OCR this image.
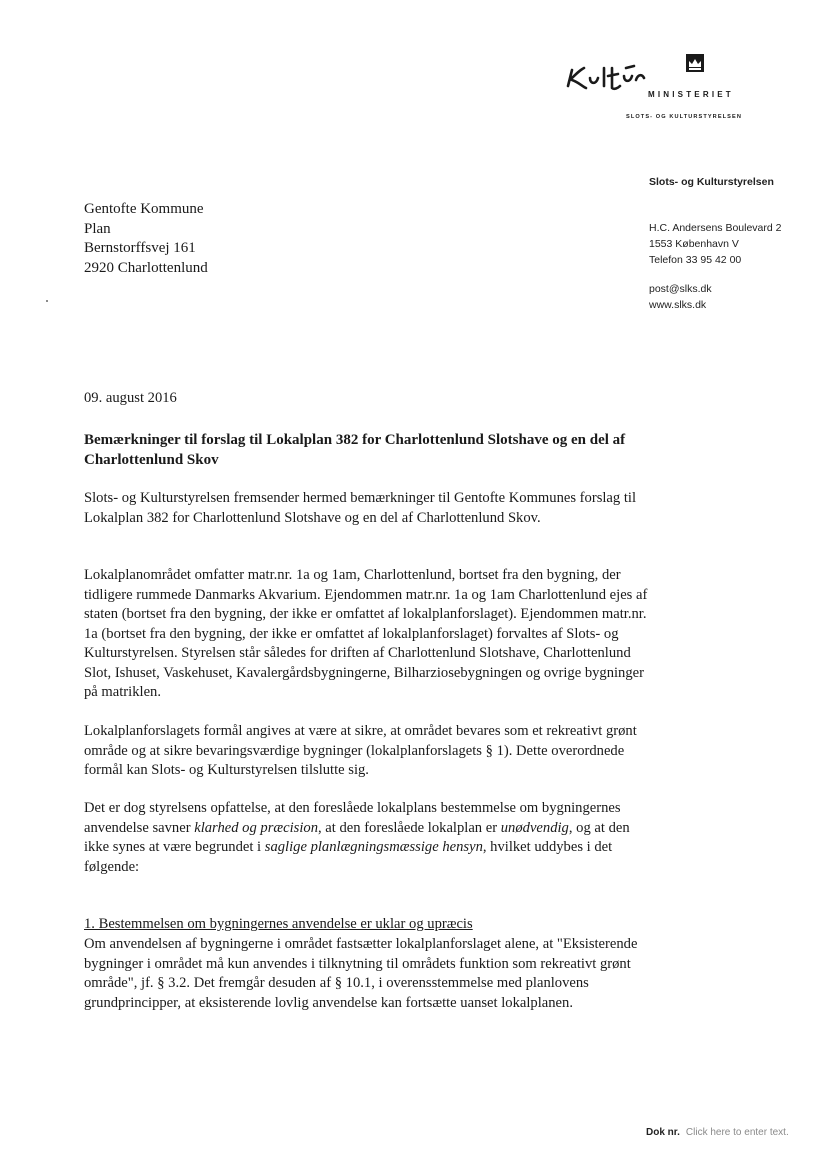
MINISTERIET
SLOTS- OG KULTURSTYRELSEN
Slots- og Kulturstyrelsen
H.C. Andersens Boulevard 2
1553 København V
Telefon 33 95 42 00
post@slks.dk
www.slks.dk
Gentofte Kommune
Plan
Bernstorffsvej 161
2920 Charlottenlund
09. august 2016
Bemærkninger til forslag til Lokalplan 382 for Charlottenlund Slotshave og en del af Charlottenlund Skov

Slots- og Kulturstyrelsen fremsender hermed bemærkninger til Gentofte Kommunes forslag til Lokalplan 382 for Charlottenlund Slotshave og en del af Charlottenlund Skov.

Lokalplanområdet omfatter matr.nr. 1a og 1am, Charlottenlund, bortset fra den bygning, der tidligere rummede Danmarks Akvarium. Ejendommen matr.nr. 1a og 1am Charlottenlund ejes af staten (bortset fra den bygning, der ikke er omfattet af lokalplanforslaget). Ejendommen matr.nr. 1a (bortset fra den bygning, der ikke er omfattet af lokalplanforslaget) forvaltes af Slots- og Kulturstyrelsen. Styrelsen står således for driften af Charlottenlund Slotshave, Charlottenlund Slot, Ishuset, Vaskehuset, Kavalergårdsbygningerne, Bilharziosebygningen og ovrige bygninger på matriklen.

Lokalplanforslagets formål angives at være at sikre, at området bevares som et rekreativt grønt område og at sikre bevaringsværdige bygninger (lokalplanforslagets § 1). Dette overordnede formål kan Slots- og Kulturstyrelsen tilslutte sig.

Det er dog styrelsens opfattelse, at den foreslåede lokalplans bestemmelse om bygningernes anvendelse savner klarhed og præcision, at den foreslåede lokalplan er unødvendig, og at den ikke synes at være begrundet i saglige planlægningsmæssige hensyn, hvilket uddybes i det følgende:

1. Bestemmelsen om bygningernes anvendelse er uklar og upræcis

Om anvendelsen af bygningerne i området fastsætter lokalplanforslaget alene, at "Eksisterende bygninger i området må kun anvendes i tilknytning til områdets funktion som rekreativt grønt område", jf. § 3.2. Det fremgår desuden af § 10.1, i overensstemmelse med planlovens grundprincipper, at eksisterende lovlig anvendelse kan fortsætte uanset lokalplanen.

Dok nr. Click here to enter text.
